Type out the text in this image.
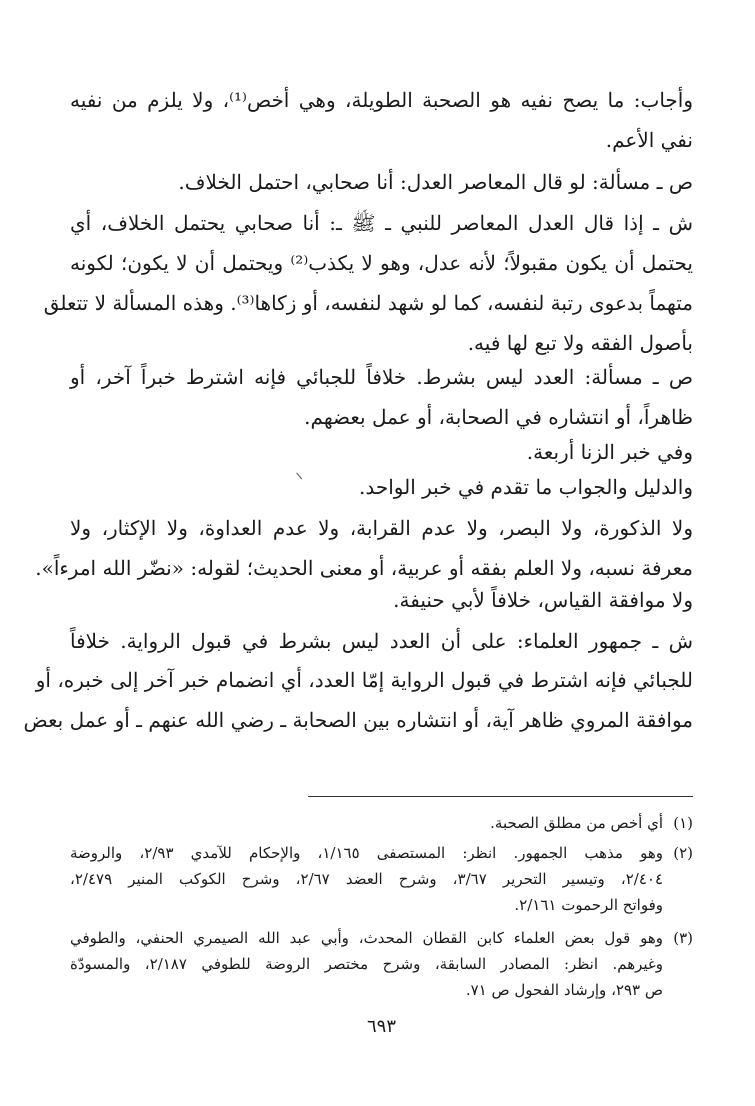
وأجاب: ما يصح نفيه هو الصحبة الطويلة، وهي أخص⁽¹⁾، ولا يلزم من نفيه
نفي الأعم.
ص ـ مسألة: لو قال المعاصر العدل: أنا صحابي، احتمل الخلاف.
ش ـ إذا قال العدل المعاصر للنبي ـ ﷺ ـ: أنا صحابي يحتمل الخلاف، أي
يحتمل أن يكون مقبولاً؛ لأنه عدل، وهو لا يكذب⁽²⁾ ويحتمل أن لا يكون؛ لكونه
متهماً بدعوى رتبة لنفسه، كما لو شهد لنفسه، أو زكاها⁽³⁾. وهذه المسألة لا تتعلق
بأصول الفقه ولا تبع لها فيه.
ص ـ مسألة: العدد ليس بشرط. خلافاً للجبائي فإنه اشترط خبراً آخر، أو
ظاهراً، أو انتشاره في الصحابة، أو عمل بعضهم.
وفي خبر الزنا أربعة.
والدليل والجواب ما تقدم في خبر الواحد.
ولا الذكورة، ولا البصر، ولا عدم القرابة، ولا عدم العداوة، ولا الإكثار، ولا
معرفة نسبه، ولا العلم بفقه أو عربية، أو معنى الحديث؛ لقوله: «نضّر الله امرءاً».
ولا موافقة القياس، خلافاً لأبي حنيفة.
ش ـ جمهور العلماء: على أن العدد ليس بشرط في قبول الرواية. خلافاً
للجبائي فإنه اشترط في قبول الرواية إمّا العدد، أي انضمام خبر آخر إلى خبره، أو
موافقة المروي ظاهر آية، أو انتشاره بين الصحابة ـ رضي الله عنهم ـ أو عمل بعض
(١)
أي أخص من مطلق الصحبة.
(٢)
وهو مذهب الجمهور. انظر: المستصفى ١/١٦٥، والإحكام للآمدي ٢/٩٣، والروضة
٢/٤٠٤، وتيسير التحرير ٣/٦٧، وشرح العضد ٢/٦٧، وشرح الكوكب المنير ٢/٤٧٩،
وفواتح الرحموت ٢/١٦١.
(٣)
وهو قول بعض العلماء كابن القطان المحدث، وأبي عبد الله الصيمري الحنفي، والطوفي
وغيرهم. انظر: المصادر السابقة، وشرح مختصر الروضة للطوفي ٢/١٨٧، والمسودّة
ص ٢٩٣، وإرشاد الفحول ص ٧١.
٦٩٣
